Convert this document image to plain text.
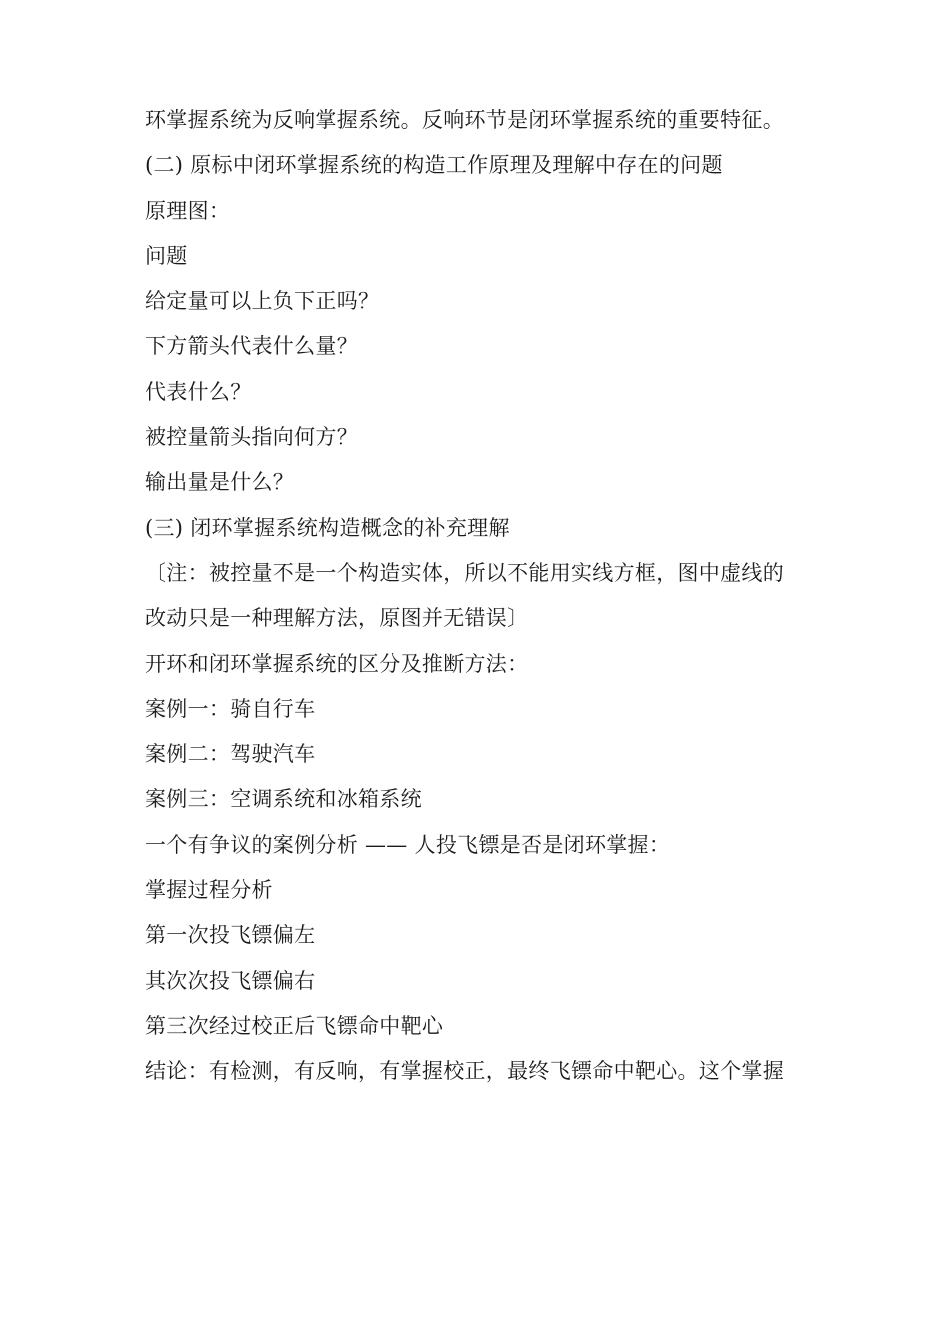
环掌握系统为反响掌握系统。反响环节是闭环掌握系统的重要特征。
(二) 原标中闭环掌握系统的构造工作原理及理解中存在的问题
原理图：
问题
给定量可以上负下正吗？
下方箭头代表什么量？
代表什么？
被控量箭头指向何方？
输出量是什么？
(三) 闭环掌握系统构造概念的补充理解
〔注：被控量不是一个构造实体，所以不能用实线方框，图中虚线的
改动只是一种理解方法，原图并无错误〕
开环和闭环掌握系统的区分及推断方法：
案例一：骑自行车
案例二：驾驶汽车
案例三：空调系统和冰箱系统
一个有争议的案例分析 —— 人投飞镖是否是闭环掌握：
掌握过程分析
第一次投飞镖偏左
其次次投飞镖偏右
第三次经过校正后飞镖命中靶心
结论：有检测，有反响，有掌握校正，最终飞镖命中靶心。这个掌握
